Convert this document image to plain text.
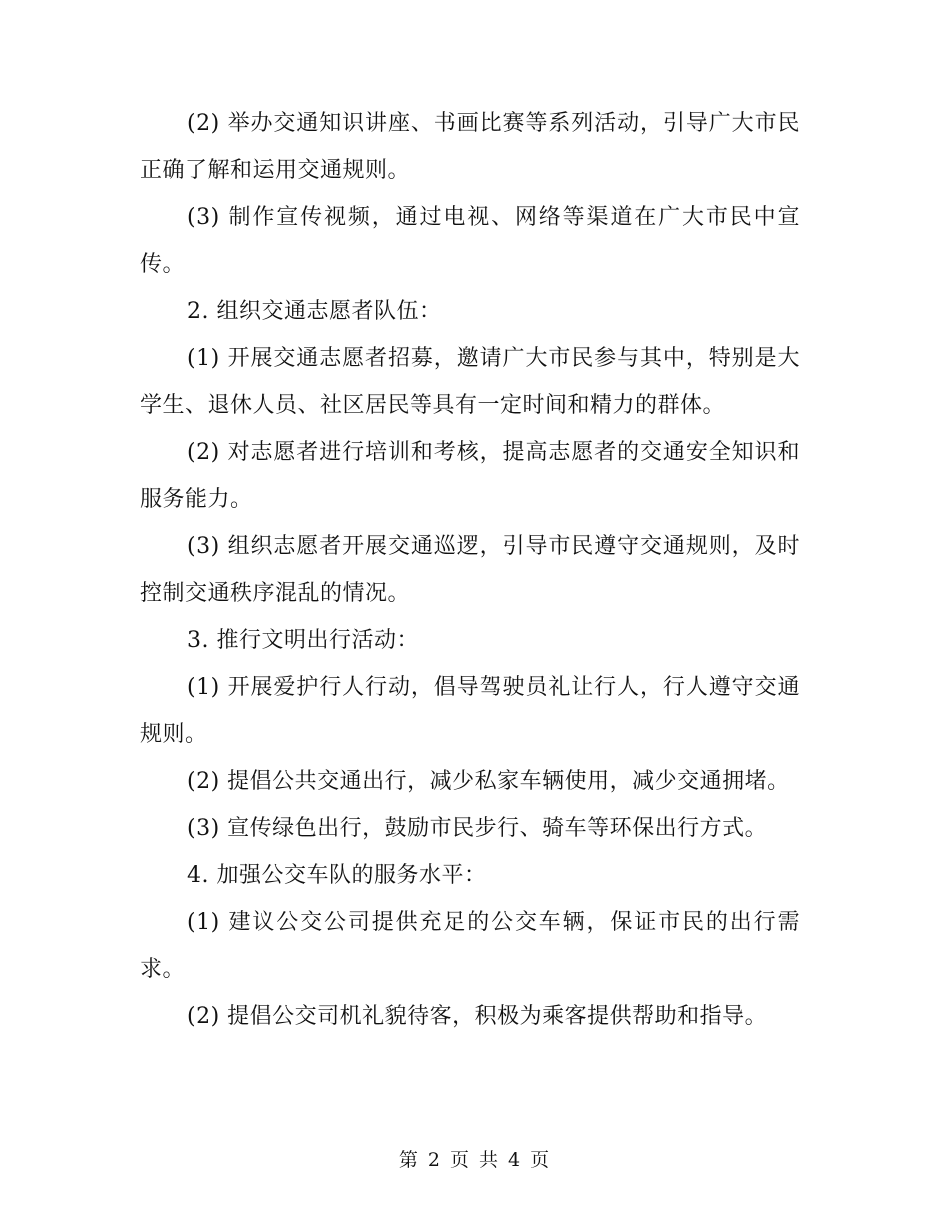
(2) 举办交通知识讲座、书画比赛等系列活动，引导广大市民正确了解和运用交通规则。

(3) 制作宣传视频，通过电视、网络等渠道在广大市民中宣传。

2. 组织交通志愿者队伍：

(1) 开展交通志愿者招募，邀请广大市民参与其中，特别是大学生、退休人员、社区居民等具有一定时间和精力的群体。

(2) 对志愿者进行培训和考核，提高志愿者的交通安全知识和服务能力。

(3) 组织志愿者开展交通巡逻，引导市民遵守交通规则，及时控制交通秩序混乱的情况。

3. 推行文明出行活动：

(1) 开展爱护行人行动，倡导驾驶员礼让行人，行人遵守交通规则。

(2) 提倡公共交通出行，减少私家车辆使用，减少交通拥堵。

(3) 宣传绿色出行，鼓励市民步行、骑车等环保出行方式。

4. 加强公交车队的服务水平：

(1) 建议公交公司提供充足的公交车辆，保证市民的出行需求。

(2) 提倡公交司机礼貌待客，积极为乘客提供帮助和指导。

第 2 页 共 4 页
